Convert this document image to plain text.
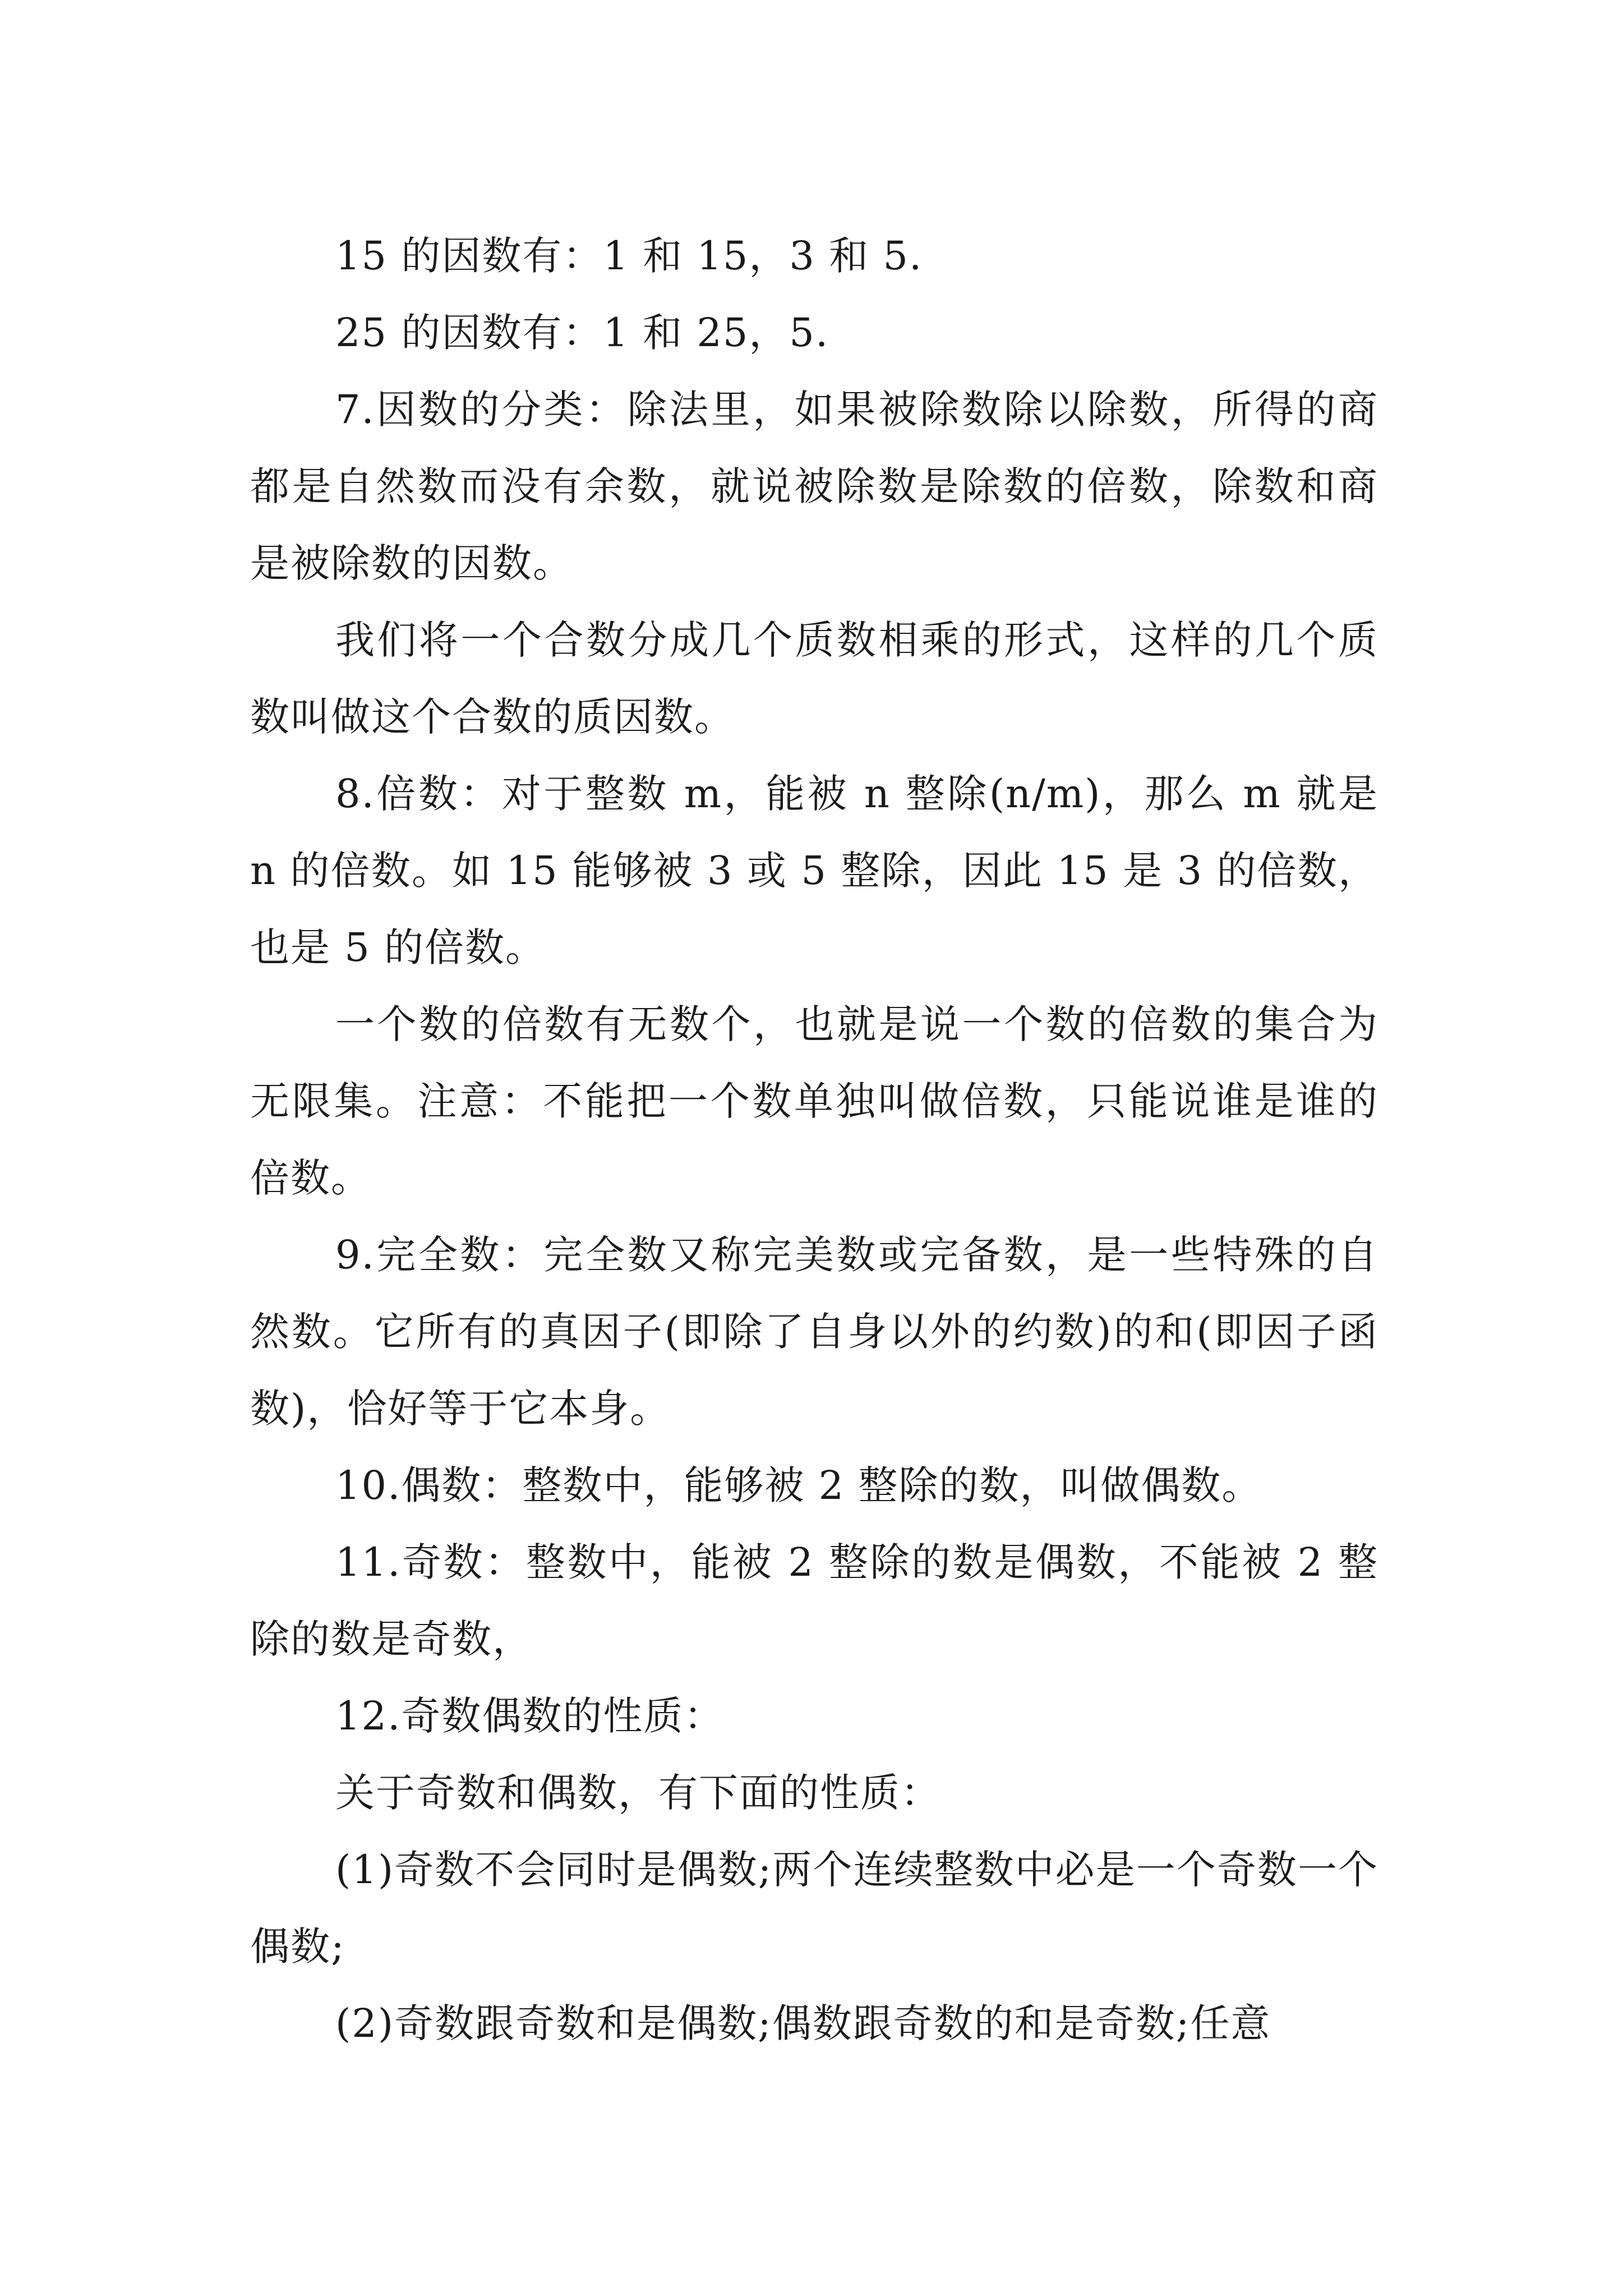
15 的因数有：1 和 15，3 和 5.

25 的因数有：1 和 25，5.

7.因数的分类：除法里，如果被除数除以除数，所得的商都是自然数而没有余数，就说被除数是除数的倍数，除数和商是被除数的因数。

我们将一个合数分成几个质数相乘的形式，这样的几个质数叫做这个合数的质因数。

8.倍数：对于整数 m，能被 n 整除(n/m)，那么 m 就是 n 的倍数。如 15 能够被 3 或 5 整除，因此 15 是 3 的倍数，也是 5 的倍数。

一个数的倍数有无数个，也就是说一个数的倍数的集合为无限集。注意：不能把一个数单独叫做倍数，只能说谁是谁的倍数。

9.完全数：完全数又称完美数或完备数，是一些特殊的自然数。它所有的真因子(即除了自身以外的约数)的和(即因子函数)，恰好等于它本身。

10.偶数：整数中，能够被 2 整除的数，叫做偶数。

11.奇数：整数中，能被 2 整除的数是偶数，不能被 2 整除的数是奇数，

12.奇数偶数的性质：

关于奇数和偶数，有下面的性质：

(1)奇数不会同时是偶数;两个连续整数中必是一个奇数一个偶数;

(2)奇数跟奇数和是偶数;偶数跟奇数的和是奇数;任意
